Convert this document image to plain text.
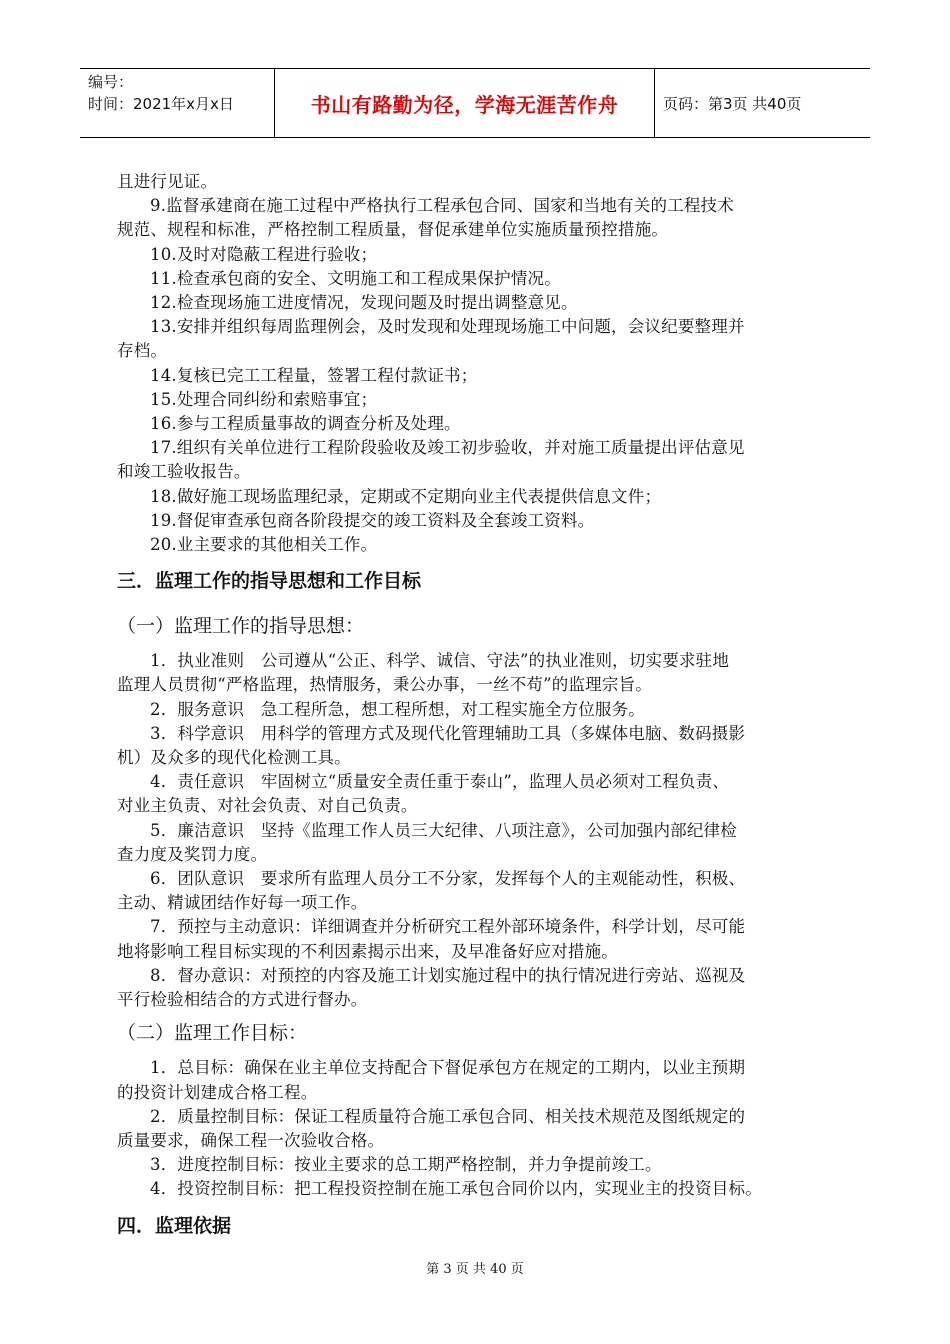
编号：
时间：2021年x月x日	书山有路勤为径，学海无涯苦作舟	页码：第3页 共40页

且进行见证。

9.监督承建商在施工过程中严格执行工程承包合同、国家和当地有关的工程技术

规范、规程和标准，严格控制工程质量，督促承建单位实施质量预控措施。

10.及时对隐蔽工程进行验收；

11.检查承包商的安全、文明施工和工程成果保护情况。

12.检查现场施工进度情况，发现问题及时提出调整意见。

13.安排并组织每周监理例会，及时发现和处理现场施工中问题，会议纪要整理并

存档。

14.复核已完工工程量，签署工程付款证书；

15.处理合同纠纷和索赔事宜；

16.参与工程质量事故的调查分析及处理。

17.组织有关单位进行工程阶段验收及竣工初步验收，并对施工质量提出评估意见

和竣工验收报告。

18.做好施工现场监理纪录，定期或不定期向业主代表提供信息文件；

19.督促审查承包商各阶段提交的竣工资料及全套竣工资料。

20.业主要求的其他相关工作。

三．监理工作的指导思想和工作目标
（一）监理工作的指导思想：

1．执业准则　公司遵从“公正、科学、诚信、守法”的执业准则，切实要求驻地

监理人员贯彻“严格监理，热情服务，秉公办事，一丝不苟”的监理宗旨。

2．服务意识　急工程所急，想工程所想，对工程实施全方位服务。

3．科学意识　用科学的管理方式及现代化管理辅助工具（多媒体电脑、数码摄影

机）及众多的现代化检测工具。

4．责任意识　牢固树立“质量安全责任重于泰山”，监理人员必须对工程负责、

对业主负责、对社会负责、对自己负责。

5．廉洁意识　坚持《监理工作人员三大纪律、八项注意》，公司加强内部纪律检

查力度及奖罚力度。

6．团队意识　要求所有监理人员分工不分家，发挥每个人的主观能动性，积极、

主动、精诚团结作好每一项工作。

7．预控与主动意识：详细调查并分析研究工程外部环境条件，科学计划，尽可能

地将影响工程目标实现的不利因素揭示出来，及早准备好应对措施。

8．督办意识：对预控的内容及施工计划实施过程中的执行情况进行旁站、巡视及

平行检验相结合的方式进行督办。

（二）监理工作目标：

1．总目标：确保在业主单位支持配合下督促承包方在规定的工期内，以业主预期

的投资计划建成合格工程。

2．质量控制目标：保证工程质量符合施工承包合同、相关技术规范及图纸规定的

质量要求，确保工程一次验收合格。

3．进度控制目标：按业主要求的总工期严格控制，并力争提前竣工。

4．投资控制目标：把工程投资控制在施工承包合同价以内，实现业主的投资目标。

四．监理依据
第 3 页 共 40 页
